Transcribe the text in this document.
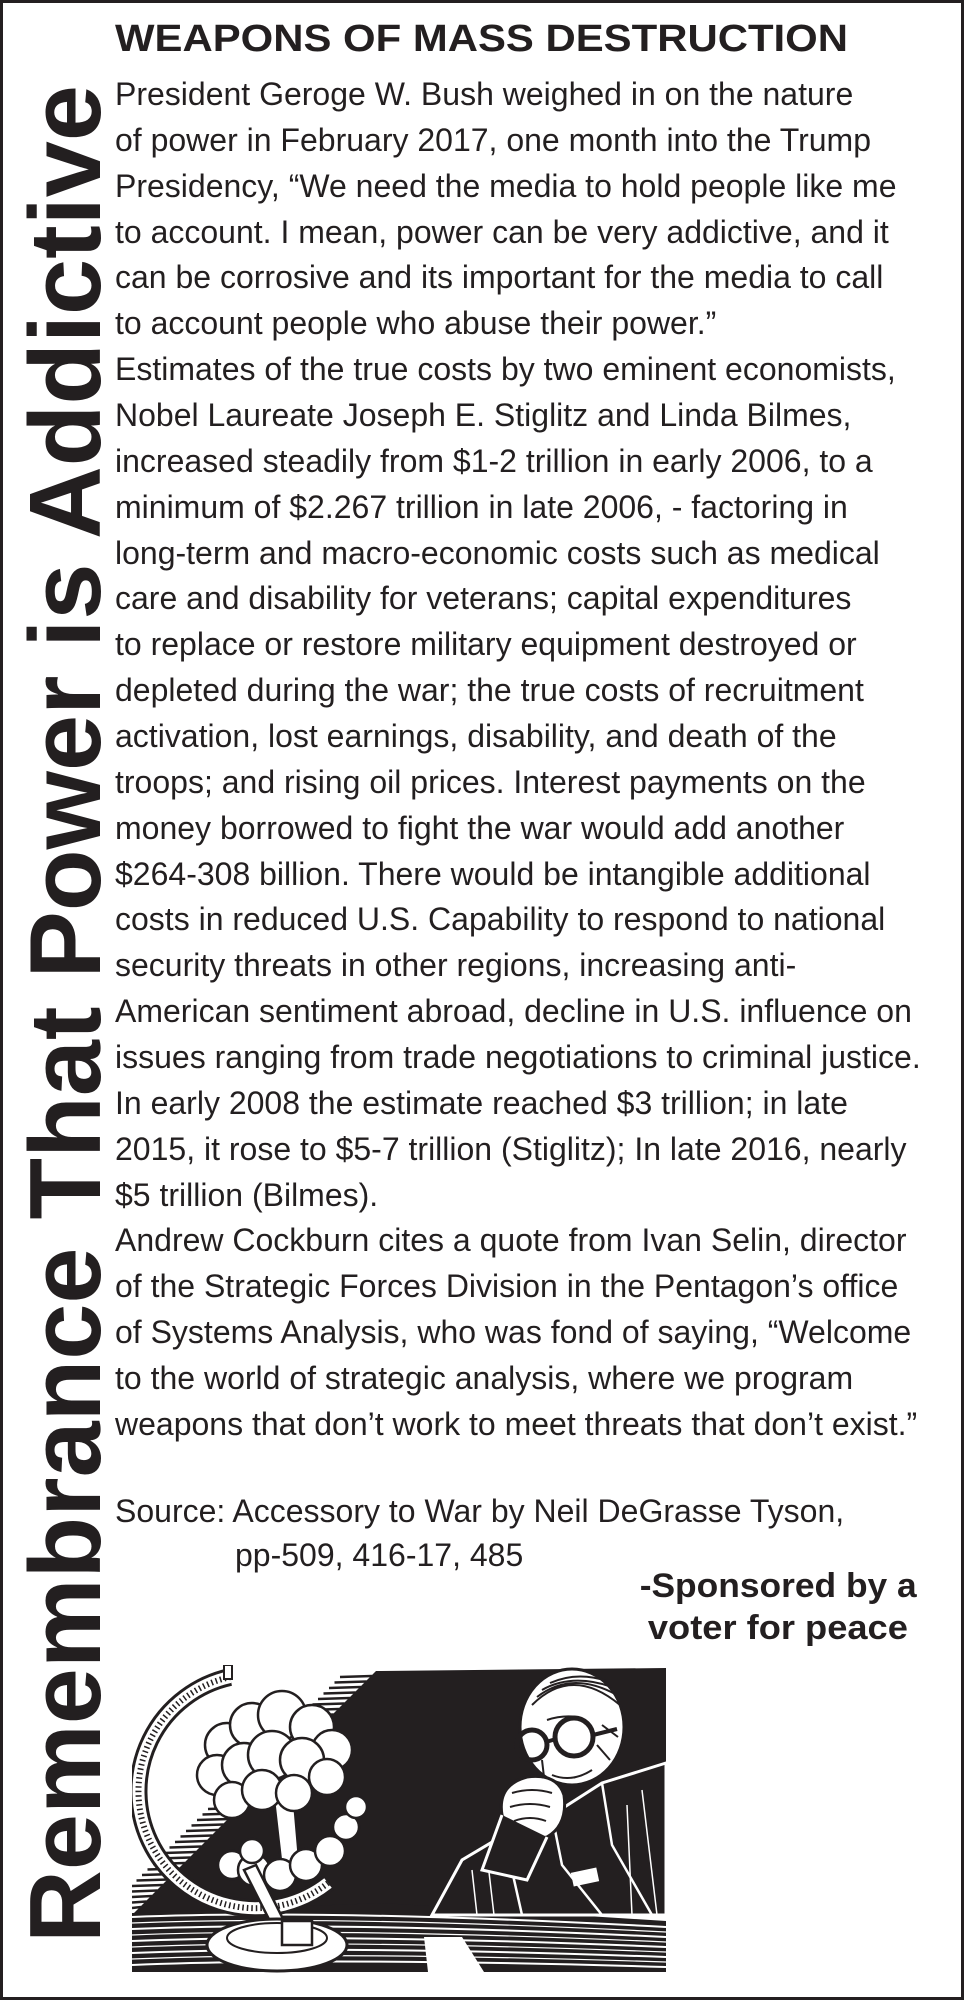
Remembrance That Power is Addictive
WEAPONS OF MASS DESTRUCTION
President Geroge W. Bush weighed in on the nature
of power in February 2017, one month into the Trump
Presidency, “We need the media to hold people like me
to account. I mean, power can be very addictive, and it
can be corrosive and its important for the media to call
to account people who abuse their power.”
Estimates of the true costs by two eminent economists,
Nobel Laureate Joseph E. Stiglitz and Linda Bilmes,
increased steadily from $1-2 trillion in early 2006, to a
minimum of $2.267 trillion in late 2006, - factoring in
long-term and macro-economic costs such as medical
care and disability for veterans; capital expenditures
to replace or restore military equipment destroyed or
depleted during the war; the true costs of recruitment
activation, lost earnings, disability, and death of the
troops; and rising oil prices. Interest payments on the
money borrowed to fight the war would add another
$264-308 billion. There would be intangible additional
costs in reduced U.S. Capability to respond to national
security threats in other regions, increasing anti-
American sentiment abroad, decline in U.S. influence on
issues ranging from trade negotiations to criminal justice.
In early 2008 the estimate reached $3 trillion; in late
2015, it rose to $5-7 trillion (Stiglitz); In late 2016, nearly
$5 trillion (Bilmes).
Andrew Cockburn cites a quote from Ivan Selin, director
of the Strategic Forces Division in the Pentagon’s office
of Systems Analysis, who was fond of saying, “Welcome
to the world of strategic analysis, where we program
weapons that don’t work to meet threats that don’t exist.”
Source: Accessory to War by Neil DeGrasse Tyson,
pp-509, 416-17, 485
-Sponsored by a
voter for peace
